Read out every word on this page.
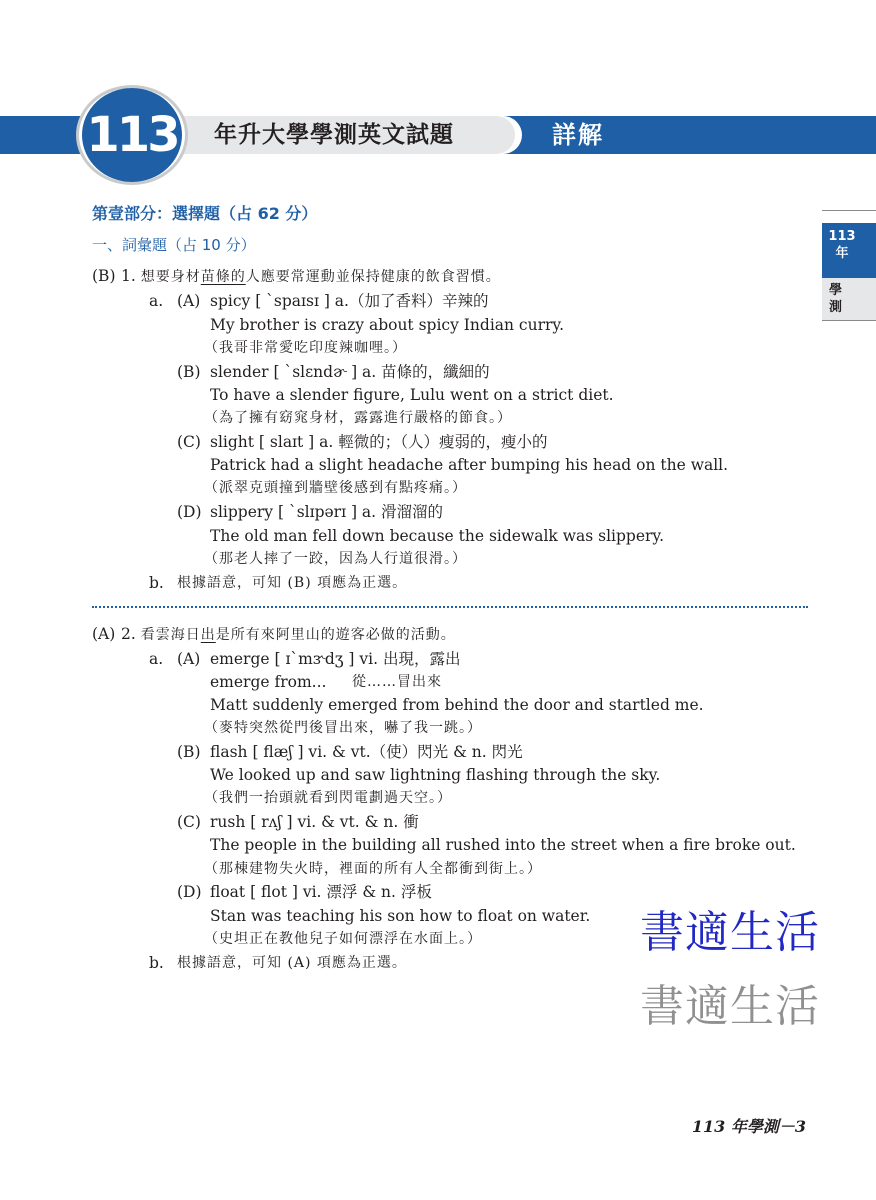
113 年升大學學測英文試題	詳解
113
年
學
測
第壹部分：選擇題（占 62 分）
一、詞彙題（占 10 分）
(B) 1. 想要身材苗條的人應要常運動並保持健康的飲食習慣。
a. (A) spicy [ ˋspaɪsɪ ] a.（加了香料）辛辣的
My brother is crazy about spicy Indian curry.
（我哥非常愛吃印度辣咖哩。）
(B) slender [ ˋslɛndɚ ] a. 苗條的，纖細的
To have a slender figure, Lulu went on a strict diet.
（為了擁有窈窕身材，露露進行嚴格的節食。）
(C) slight [ slaɪt ] a. 輕微的；（人）瘦弱的，瘦小的
Patrick had a slight headache after bumping his head on the wall.
（派翠克頭撞到牆壁後感到有點疼痛。）
(D) slippery [ ˋslɪpərɪ ] a. 滑溜溜的
The old man fell down because the sidewalk was slippery.
（那老人摔了一跤，因為人行道很滑。）
b. 根據語意，可知 (B) 項應為正選。
(A) 2. 看雲海日出是所有來阿里山的遊客必做的活動。
a. (A) emerge [ ɪˋmɝdʒ ] vi. 出現，露出
emerge from... 從……冒出來
Matt suddenly emerged from behind the door and startled me.
（麥特突然從門後冒出來，嚇了我一跳。）
(B) flash [ flæʃ ] vi. & vt.（使）閃光 & n. 閃光
We looked up and saw lightning flashing through the sky.
（我們一抬頭就看到閃電劃過天空。）
(C) rush [ rʌʃ ] vi. & vt. & n. 衝
The people in the building all rushed into the street when a fire broke out.
（那棟建物失火時，裡面的所有人全都衝到街上。）
(D) float [ flot ] vi. 漂浮 & n. 浮板
Stan was teaching his son how to float on water.
（史坦正在教他兒子如何漂浮在水面上。）
b. 根據語意，可知 (A) 項應為正選。
書適生活
書適生活
113 年學測－3
